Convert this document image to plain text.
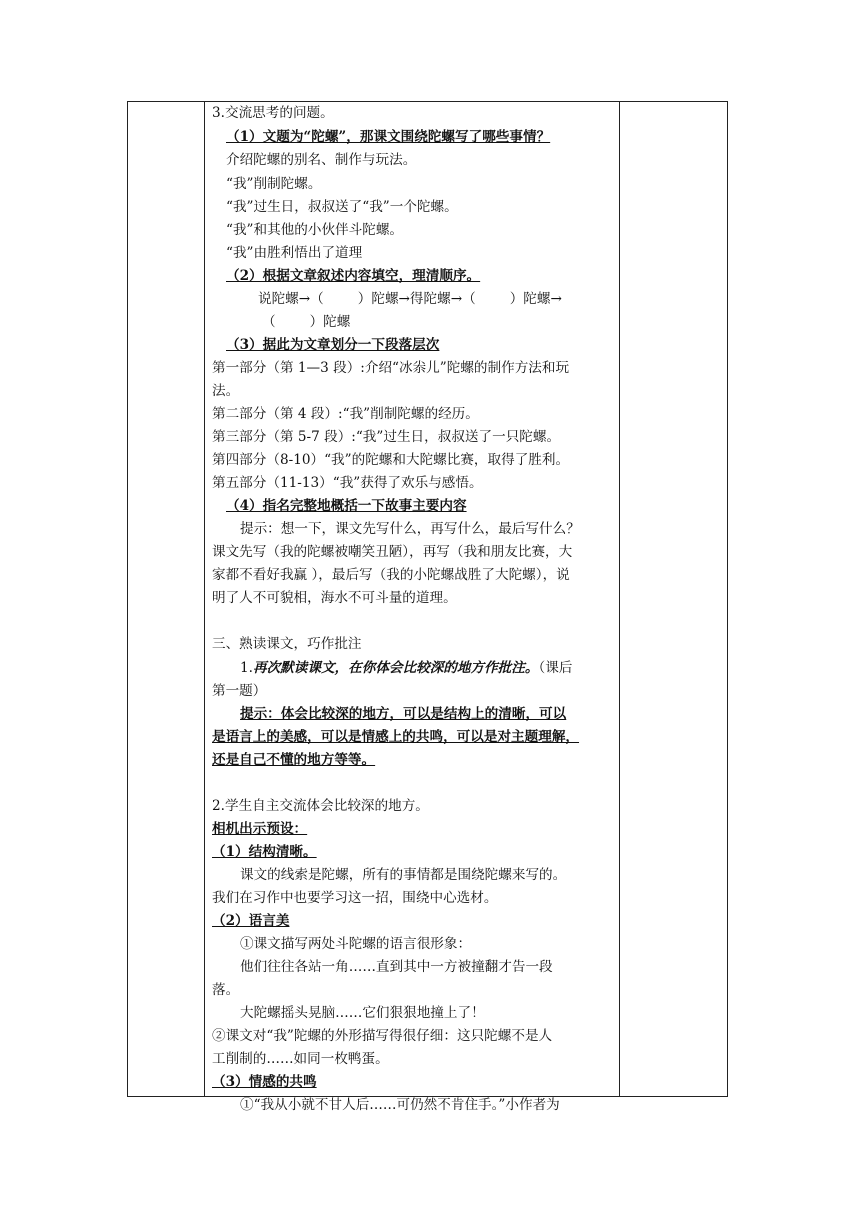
3.交流思考的问题。
（1）文题为“陀螺”，那课文围绕陀螺写了哪些事情？
介绍陀螺的别名、制作与玩法。
“我”削制陀螺。
“我”过生日，叔叔送了“我”一个陀螺。
“我”和其他的小伙伴斗陀螺。
“我”由胜利悟出了道理
（2）根据文章叙述内容填空，理清顺序。
说陀螺→（	）陀螺→得陀螺→（	）陀螺→
（	）陀螺
（3）据此为文章划分一下段落层次
第一部分（第 1—3 段）:介绍“冰尜儿”陀螺的制作方法和玩
法。
第二部分（第 4 段）:“我”削制陀螺的经历。
第三部分（第 5-7 段）:“我”过生日，叔叔送了一只陀螺。
第四部分（8-10）“我”的陀螺和大陀螺比赛，取得了胜利。
第五部分（11-13）“我”获得了欢乐与感悟。
（4）指名完整地概括一下故事主要内容
提示：想一下，课文先写什么，再写什么，最后写什么？
课文先写（我的陀螺被嘲笑丑陋），再写（我和朋友比赛，大
家都不看好我赢 ），最后写（我的小陀螺战胜了大陀螺），说
明了人不可貌相，海水不可斗量的道理。
三、熟读课文，巧作批注
1.再次默读课文，在你体会比较深的地方作批注。（课后
第一题）
提示：体会比较深的地方，可以是结构上的清晰，可以
是语言上的美感，可以是情感上的共鸣，可以是对主题理解，
还是自己不懂的地方等等。
2.学生自主交流体会比较深的地方。
相机出示预设：
（1）结构清晰。
课文的线索是陀螺，所有的事情都是围绕陀螺来写的。
我们在习作中也要学习这一招，围绕中心选材。
（2）语言美
①课文描写两处斗陀螺的语言很形象：
他们往往各站一角……直到其中一方被撞翻才告一段
落。
大陀螺摇头晃脑……它们狠狠地撞上了！
②课文对“我”陀螺的外形描写得很仔细：这只陀螺不是人
工削制的……如同一枚鸭蛋。
（3）情感的共鸣
①“我从小就不甘人后……可仍然不肯住手。”小作者为
